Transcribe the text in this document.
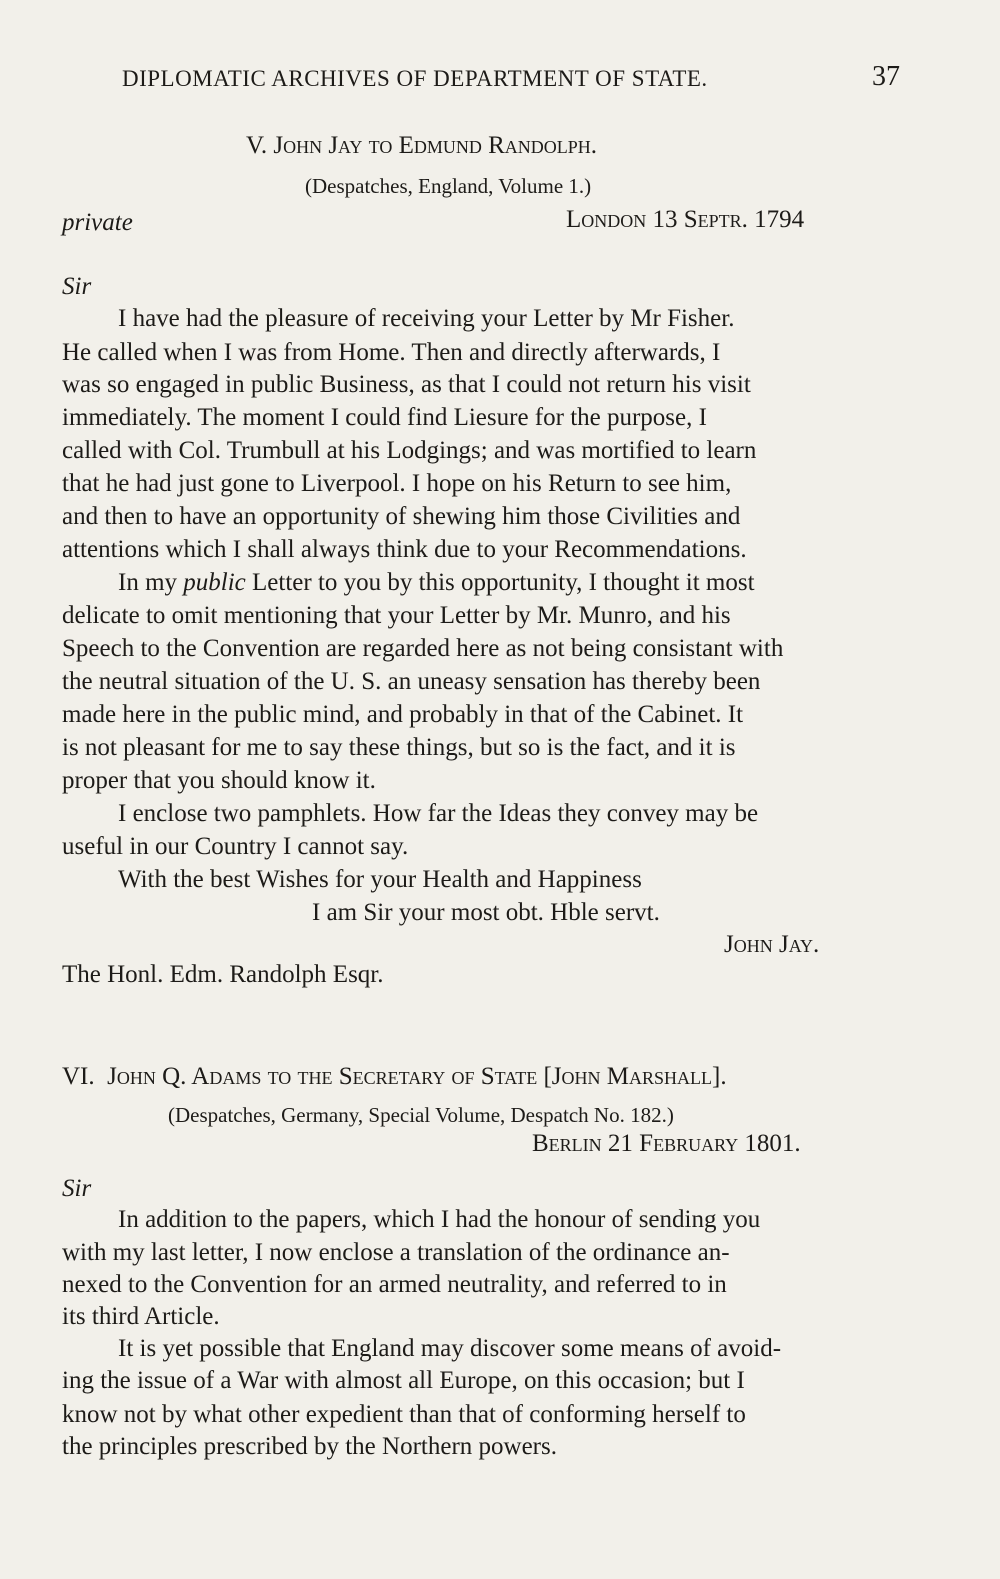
DIPLOMATIC ARCHIVES OF DEPARTMENT OF STATE.	37
V. John Jay to Edmund Randolph.
(Despatches, England, Volume 1.)
private	London 13 Septr. 1794
Sir
I have had the pleasure of receiving your Letter by Mr Fisher.
He called when I was from Home. Then and directly afterwards, I
was so engaged in public Business, as that I could not return his visit
immediately. The moment I could find Liesure for the purpose, I
called with Col. Trumbull at his Lodgings; and was mortified to learn
that he had just gone to Liverpool. I hope on his Return to see him,
and then to have an opportunity of shewing him those Civilities and
attentions which I shall always think due to your Recommendations.
In my public Letter to you by this opportunity, I thought it most
delicate to omit mentioning that your Letter by Mr. Munro, and his
Speech to the Convention are regarded here as not being consistant with
the neutral situation of the U. S. an uneasy sensation has thereby been
made here in the public mind, and probably in that of the Cabinet. It
is not pleasant for me to say these things, but so is the fact, and it is
proper that you should know it.
I enclose two pamphlets. How far the Ideas they convey may be
useful in our Country I cannot say.
With the best Wishes for your Health and Happiness
I am Sir your most obt. Hble servt.
John Jay.
The Honl. Edm. Randolph Esqr.
VI. John Q. Adams to the Secretary of State [John Marshall].
(Despatches, Germany, Special Volume, Despatch No. 182.)
Berlin 21 February 1801.
Sir
In addition to the papers, which I had the honour of sending you
with my last letter, I now enclose a translation of the ordinance an-
nexed to the Convention for an armed neutrality, and referred to in
its third Article.
It is yet possible that England may discover some means of avoid-
ing the issue of a War with almost all Europe, on this occasion; but I
know not by what other expedient than that of conforming herself to
the principles prescribed by the Northern powers.
